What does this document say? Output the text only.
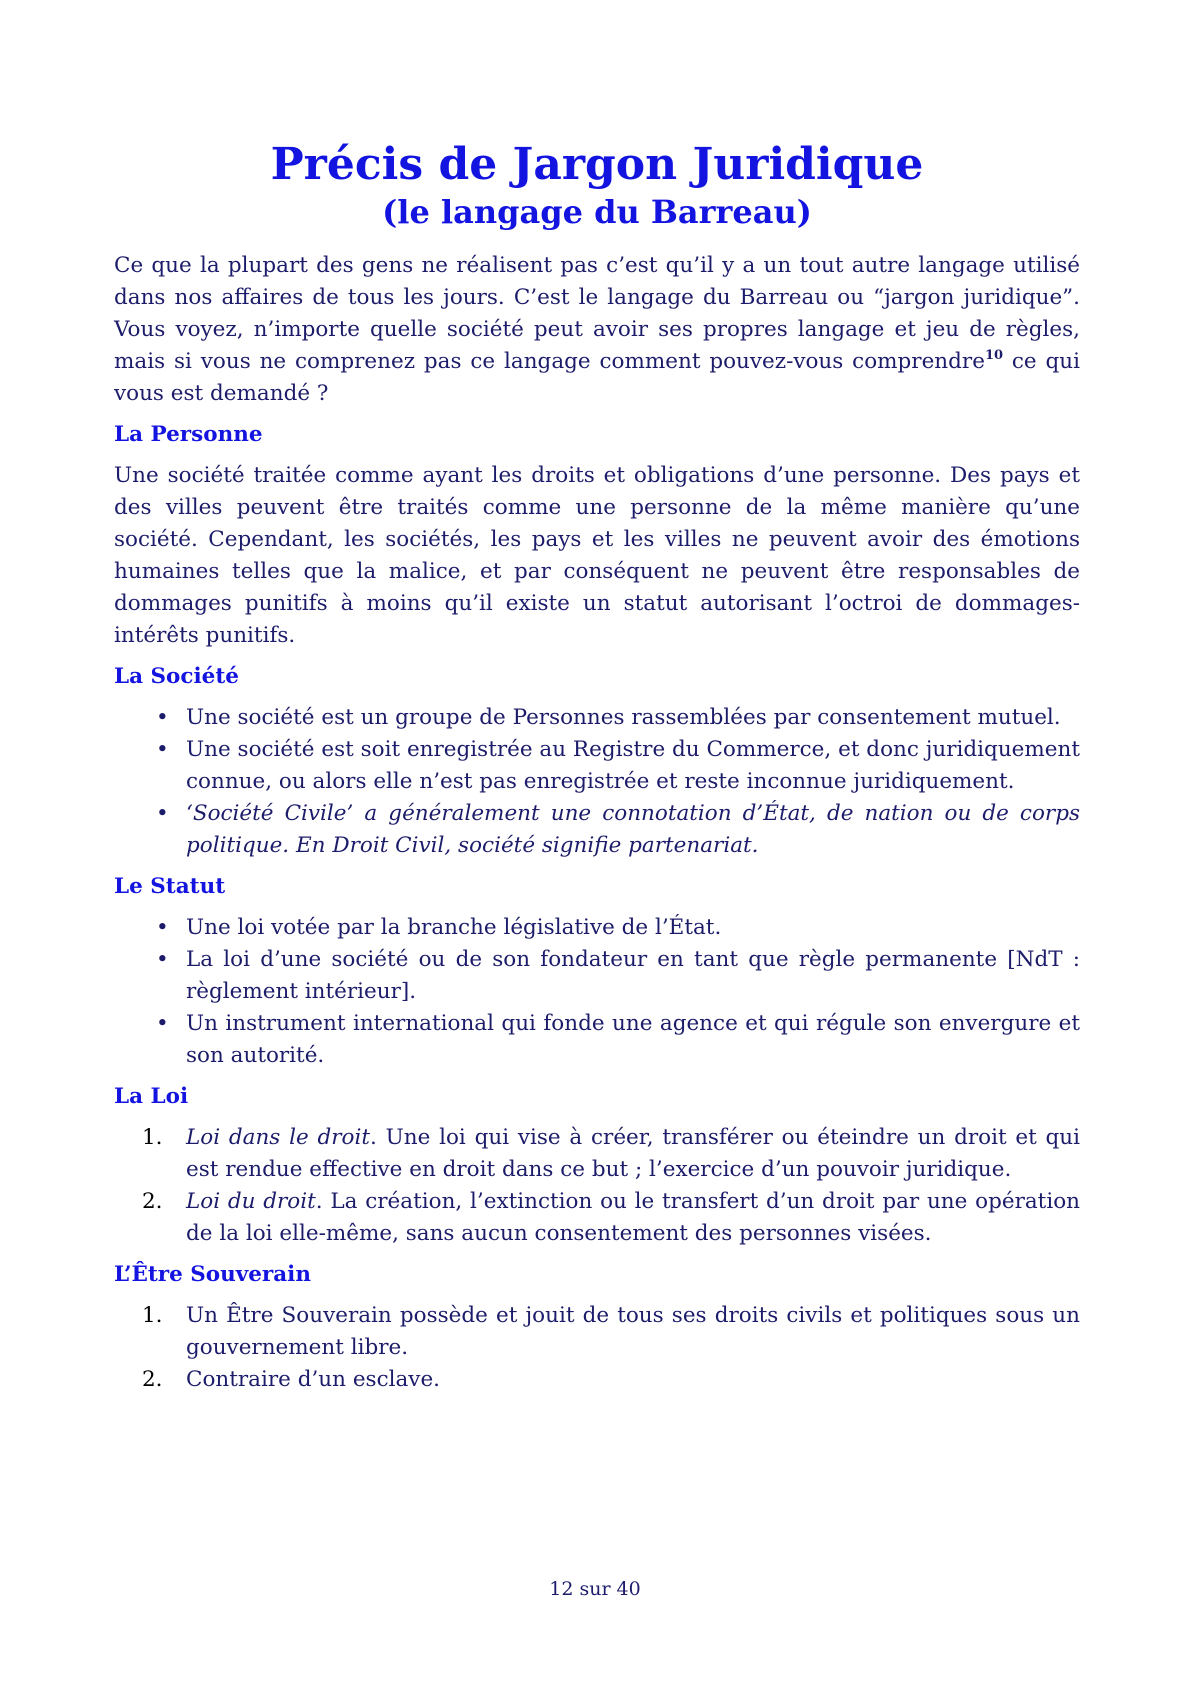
Précis de Jargon Juridique
(le langage du Barreau)

Ce que la plupart des gens ne réalisent pas c’est qu’il y a un tout autre langage utilisé dans nos affaires de tous les jours. C’est le langage du Barreau ou “jargon juridique”. Vous voyez, n’importe quelle société peut avoir ses propres langage et jeu de règles, mais si vous ne comprenez pas ce langage comment pouvez-vous comprendre$^{10}$ ce qui vous est demandé ?

La Personne

Une société traitée comme ayant les droits et obligations d’une personne. Des pays et des villes peuvent être traités comme une personne de la même manière qu’une société. Cependant, les sociétés, les pays et les villes ne peuvent avoir des émotions humaines telles que la malice, et par conséquent ne peuvent être responsables de dommages punitifs à moins qu’il existe un statut autorisant l’octroi de dommages-intérêts punitifs.

La Société
• Une société est un groupe de Personnes rassemblées par consentement mutuel.
• Une société est soit enregistrée au Registre du Commerce, et donc juridiquement connue, ou alors elle n’est pas enregistrée et reste inconnue juridiquement.
• ‘Société Civile’ a généralement une connotation d’État, de nation ou de corps politique. En Droit Civil, société signifie partenariat.
Le Statut
• Une loi votée par la branche législative de l’État.
• La loi d’une société ou de son fondateur en tant que règle permanente [NdT : règlement intérieur].
• Un instrument international qui fonde une agence et qui régule son envergure et son autorité.
La Loi
1. Loi dans le droit. Une loi qui vise à créer, transférer ou éteindre un droit et qui est rendue effective en droit dans ce but ; l’exercice d’un pouvoir juridique.
2. Loi du droit. La création, l’extinction ou le transfert d’un droit par une opération de la loi elle-même, sans aucun consentement des personnes visées.
L’Être Souverain
1. Un Être Souverain possède et jouit de tous ses droits civils et politiques sous un gouvernement libre.
2. Contraire d’un esclave.
12 sur 40
